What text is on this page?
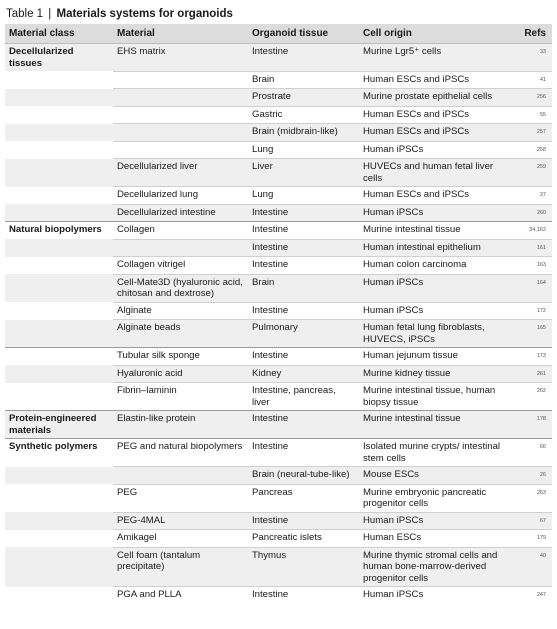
Table 1 | Materials systems for organoids
Material class	Material	Organoid tissue	Cell origin	Refs
Decellularized tissues	EHS matrix	Intestine	Murine Lgr5⁺ cells	33
		Brain	Human ESCs and iPSCs	41
		Prostrate	Murine prostate epithelial cells	256
		Gastric	Human ESCs and iPSCs	55
		Brain (midbrain-like)	Human ESCs and iPSCs	257
		Lung	Human iPSCs	258
	Decellularized liver	Liver	HUVECs and human fetal liver cells	259
	Decellularized lung	Lung	Human ESCs and iPSCs	37
	Decellularized intestine	Intestine	Human iPSCs	260
Natural biopolymers	Collagen	Intestine	Murine intestinal tissue	34,162
		Intestine	Human intestinal epithelium	161
	Collagen vitrigel	Intestine	Human colon carcinoma	163
	Cell-Mate3D (hyaluronic acid, chitosan and dextrose)	Brain	Human iPSCs	164
	Alginate	Intestine	Human iPSCs	172
	Alginate beads	Pulmonary	Human fetal lung fibroblasts, HUVECS, iPSCs	165
	Tubular silk sponge	Intestine	Human jejunum tissue	173
	Hyaluronic acid	Kidney	Murine kidney tissue	261
	Fibrin–laminin	Intestine, pancreas, liver	Murine intestinal tissue, human biopsy tissue	262
Protein-engineered materials	Elastin-like protein	Intestine	Murine intestinal tissue	178
Synthetic polymers	PEG and natural biopolymers	Intestine	Isolated murine crypts/ intestinal stem cells	66
		Brain (neural-tube-like)	Mouse ESCs	26
	PEG	Pancreas	Murine embryonic pancreatic progenitor cells	263
	PEG-4MAL	Intestine	Human iPSCs	67
	Amikagel	Pancreatic islets	Human ESCs	179
	Cell foam (tantalum precipitate)	Thymus	Murine thymic stromal cells and human bone-marrow-derived progenitor cells	40
	PGA and PLLA	Intestine	Human iPSCs	247
